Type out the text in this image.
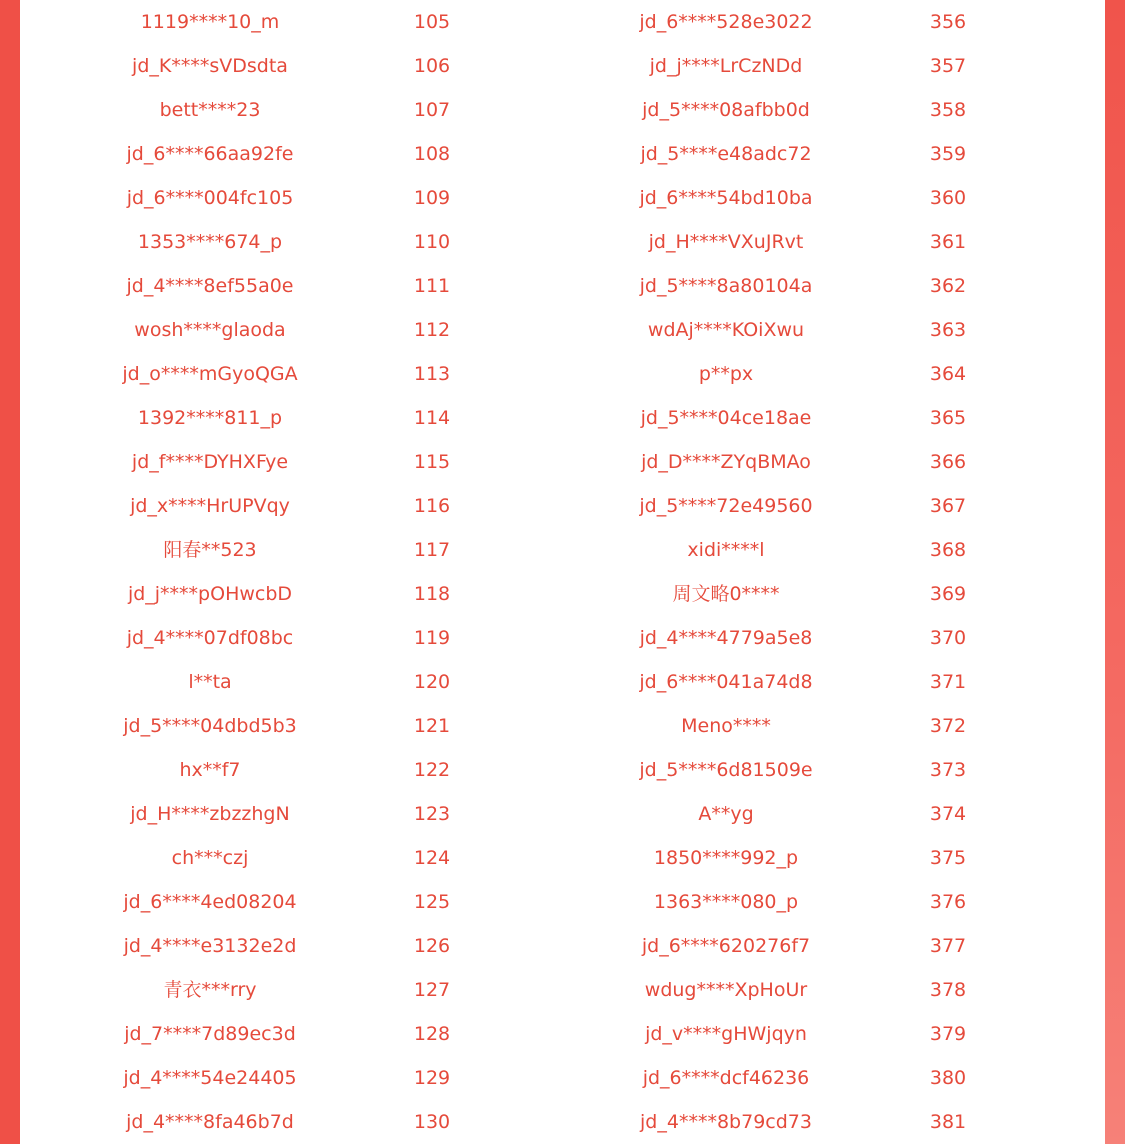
1119****10_m	105	jd_6****528e3022	356
jd_K****sVDsdta	106	jd_j****LrCzNDd	357
bett****23	107	jd_5****08afbb0d	358
jd_6****66aa92fe	108	jd_5****e48adc72	359
jd_6****004fc105	109	jd_6****54bd10ba	360
1353****674_p	110	jd_H****VXuJRvt	361
jd_4****8ef55a0e	111	jd_5****8a80104a	362
wosh****glaoda	112	wdAj****KOiXwu	363
jd_o****mGyoQGA	113	p**px	364
1392****811_p	114	jd_5****04ce18ae	365
jd_f****DYHXFye	115	jd_D****ZYqBMAo	366
jd_x****HrUPVqy	116	jd_5****72e49560	367
阳春**523	117	xidi****l	368
jd_j****pOHwcbD	118	周文略0****	369
jd_4****07df08bc	119	jd_4****4779a5e8	370
l**ta	120	jd_6****041a74d8	371
jd_5****04dbd5b3	121	Meno****	372
hx**f7	122	jd_5****6d81509e	373
jd_H****zbzzhgN	123	A**yg	374
ch***czj	124	1850****992_p	375
jd_6****4ed08204	125	1363****080_p	376
jd_4****e3132e2d	126	jd_6****620276f7	377
青衣***rry	127	wdug****XpHoUr	378
jd_7****7d89ec3d	128	jd_v****gHWjqyn	379
jd_4****54e24405	129	jd_6****dcf46236	380
jd_4****8fa46b7d	130	jd_4****8b79cd73	381
